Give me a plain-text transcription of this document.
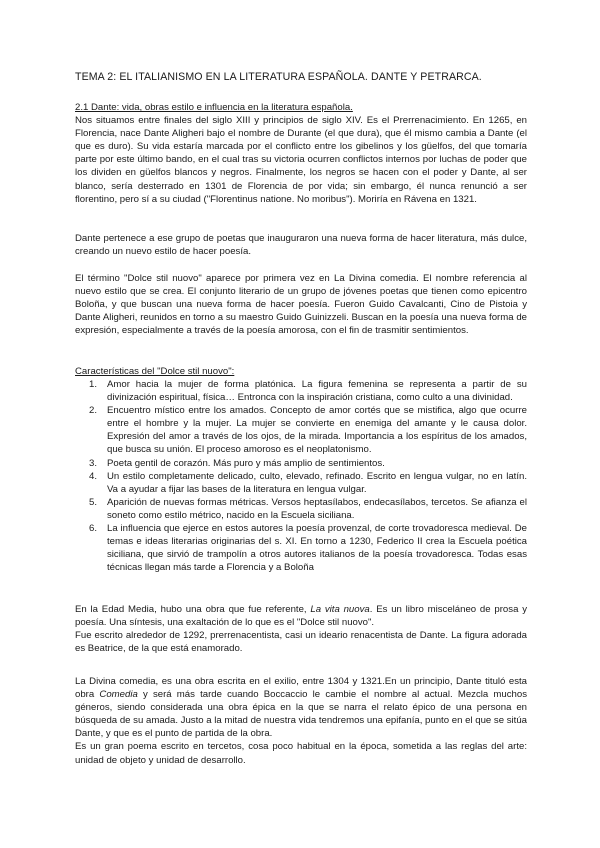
TEMA 2: EL ITALIANISMO EN LA LITERATURA ESPAÑOLA. DANTE Y PETRARCA.

2.1 Dante: vida, obras estilo e influencia en la literatura española.

Nos situamos entre finales del siglo XIII y principios de siglo XIV. Es el Prerrenacimiento. En 1265, en Florencia, nace Dante Aligheri bajo el nombre de Durante (el que dura), que él mismo cambia a Dante (el que es duro). Su vida estaría marcada por el conflicto entre los gibelinos y los güelfos, del que tomaría parte por este último bando, en el cual tras su victoria ocurren conflictos internos por luchas de poder que los dividen en güelfos blancos y negros. Finalmente, los negros se hacen con el poder y Dante, al ser blanco, sería desterrado en 1301 de Florencia de por vida; sin embargo, él nunca renunció a ser florentino, pero sí a su ciudad ("Florentinus natione. No moribus"). Moriría en Rávena en 1321.

Dante pertenece a ese grupo de poetas que inauguraron una nueva forma de hacer literatura, más dulce, creando un nuevo estilo de hacer poesía.
El término "Dolce stil nuovo" aparece por primera vez en La Divina comedia. El nombre referencia al nuevo estilo que se crea. El conjunto literario de un grupo de jóvenes poetas que tienen como epicentro Boloña, y que buscan una nueva forma de hacer poesía. Fueron Guido Cavalcanti, Cino de Pistoia y Dante Aligheri, reunidos en torno a su maestro Guido Guinizzeli. Buscan en la poesía una nueva forma de expresión, especialmente a través de la poesía amorosa, con el fin de trasmitir sentimientos.
Características del "Dolce stil nuovo":
1. Amor hacia la mujer de forma platónica. La figura femenina se representa a partir de su divinización espiritual, física… Entronca con la inspiración cristiana, como culto a una divinidad.
2. Encuentro místico entre los amados. Concepto de amor cortés que se mistifica, algo que ocurre entre el hombre y la mujer. La mujer se convierte en enemiga del amante y le causa dolor. Expresión del amor a través de los ojos, de la mirada. Importancia a los espíritus de los amados, que busca su unión. El proceso amoroso es el neoplatonismo.
3. Poeta gentil de corazón. Más puro y más amplio de sentimientos.
4. Un estilo completamente delicado, culto, elevado, refinado. Escrito en lengua vulgar, no en latín. Va a ayudar a fijar las bases de la literatura en lengua vulgar.
5. Aparición de nuevas formas métricas. Versos heptasílabos, endecasílabos, tercetos. Se afianza el soneto como estilo métrico, nacido en la Escuela siciliana.
6. La influencia que ejerce en estos autores la poesía provenzal, de corte trovadoresca medieval. De temas e ideas literarias originarias del s. XI. En torno a 1230, Federico II crea la Escuela poética siciliana, que sirvió de trampolín a otros autores italianos de la poesía trovadoresca. Todas esas técnicas llegan más tarde a Florencia y a Boloña

En la Edad Media, hubo una obra que fue referente, La vita nuova. Es un libro misceláneo de prosa y poesía. Una síntesis, una exaltación de lo que es el "Dolce stil nuovo".

Fue escrito alrededor de 1292, prerrenacentista, casi un ideario renacentista de Dante. La figura adorada es Beatrice, de la que está enamorado.

La Divina comedia, es una obra escrita en el exilio, entre 1304 y 1321.En un principio, Dante tituló esta obra Comedia y será más tarde cuando Boccaccio le cambie el nombre al actual. Mezcla muchos géneros, siendo considerada una obra épica en la que se narra el relato épico de una persona en búsqueda de su amada. Justo a la mitad de nuestra vida tendremos una epifanía, punto en el que se sitúa Dante, y que es el punto de partida de la obra.

Es un gran poema escrito en tercetos, cosa poco habitual en la época, sometida a las reglas del arte: unidad de objeto y unidad de desarrollo.
